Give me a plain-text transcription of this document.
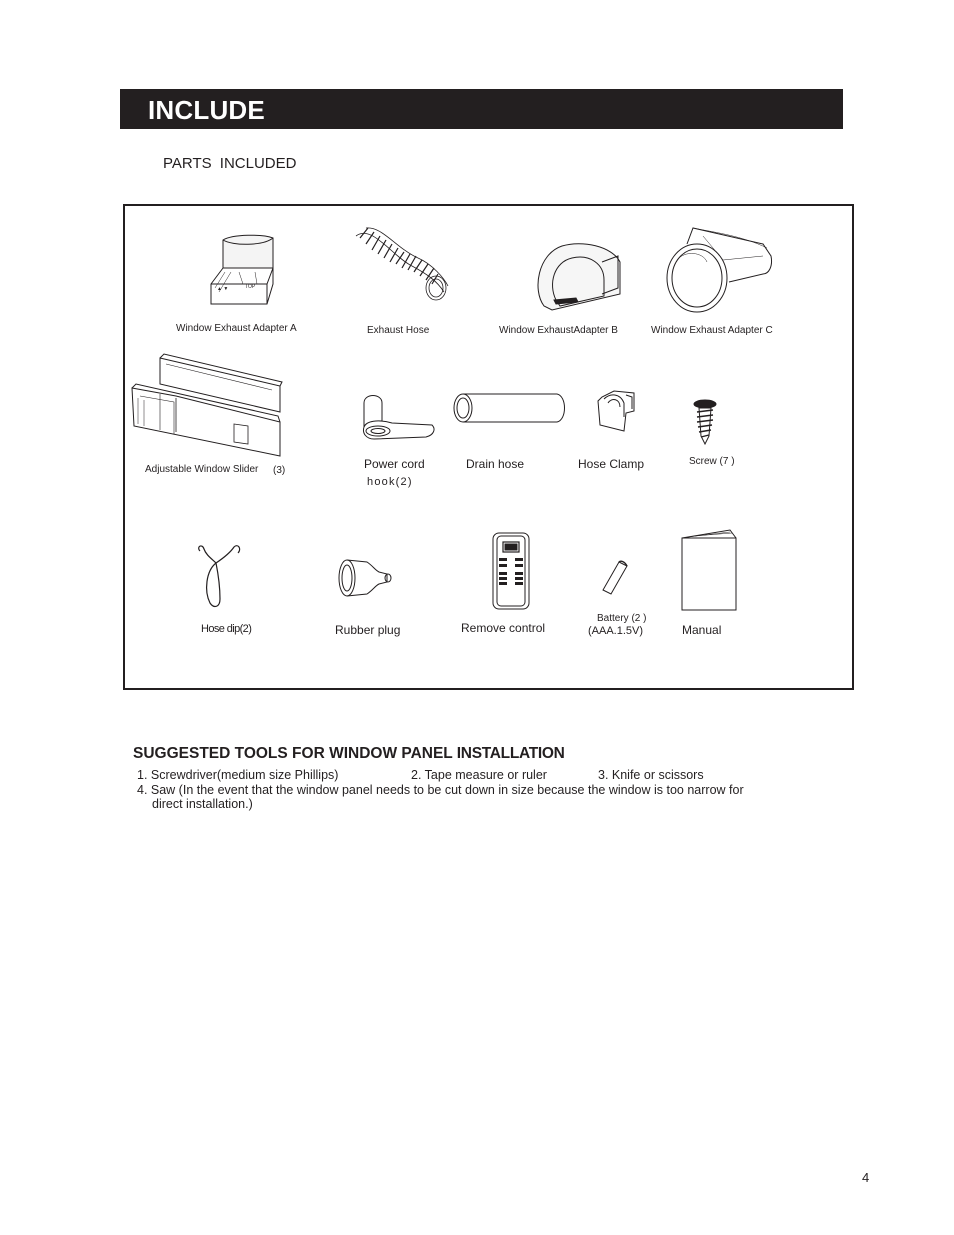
INCLUDE
PARTS INCLUDED
▲ ▼	TOP
Window Exhaust Adapter A	Exhaust Hose	Window ExhaustAdapter B	Window Exhaust Adapter C
Adjustable Window Slider (3)	Power cord
hook(2)
Drain hose	Hose Clamp	Screw (7 )
Hose dip(2)	Rubber plug	Remove control
Battery (2 )
(AAA.1.5V)	Manual
SUGGESTED TOOLS FOR WINDOW PANEL INSTALLATION
1. Screwdriver(medium size Phillips)	2. Tape measure or ruler	3. Knife or scissors
4. Saw (In the event that the window panel needs to be cut down in size because the window is too narrow for
direct installation.)
4
